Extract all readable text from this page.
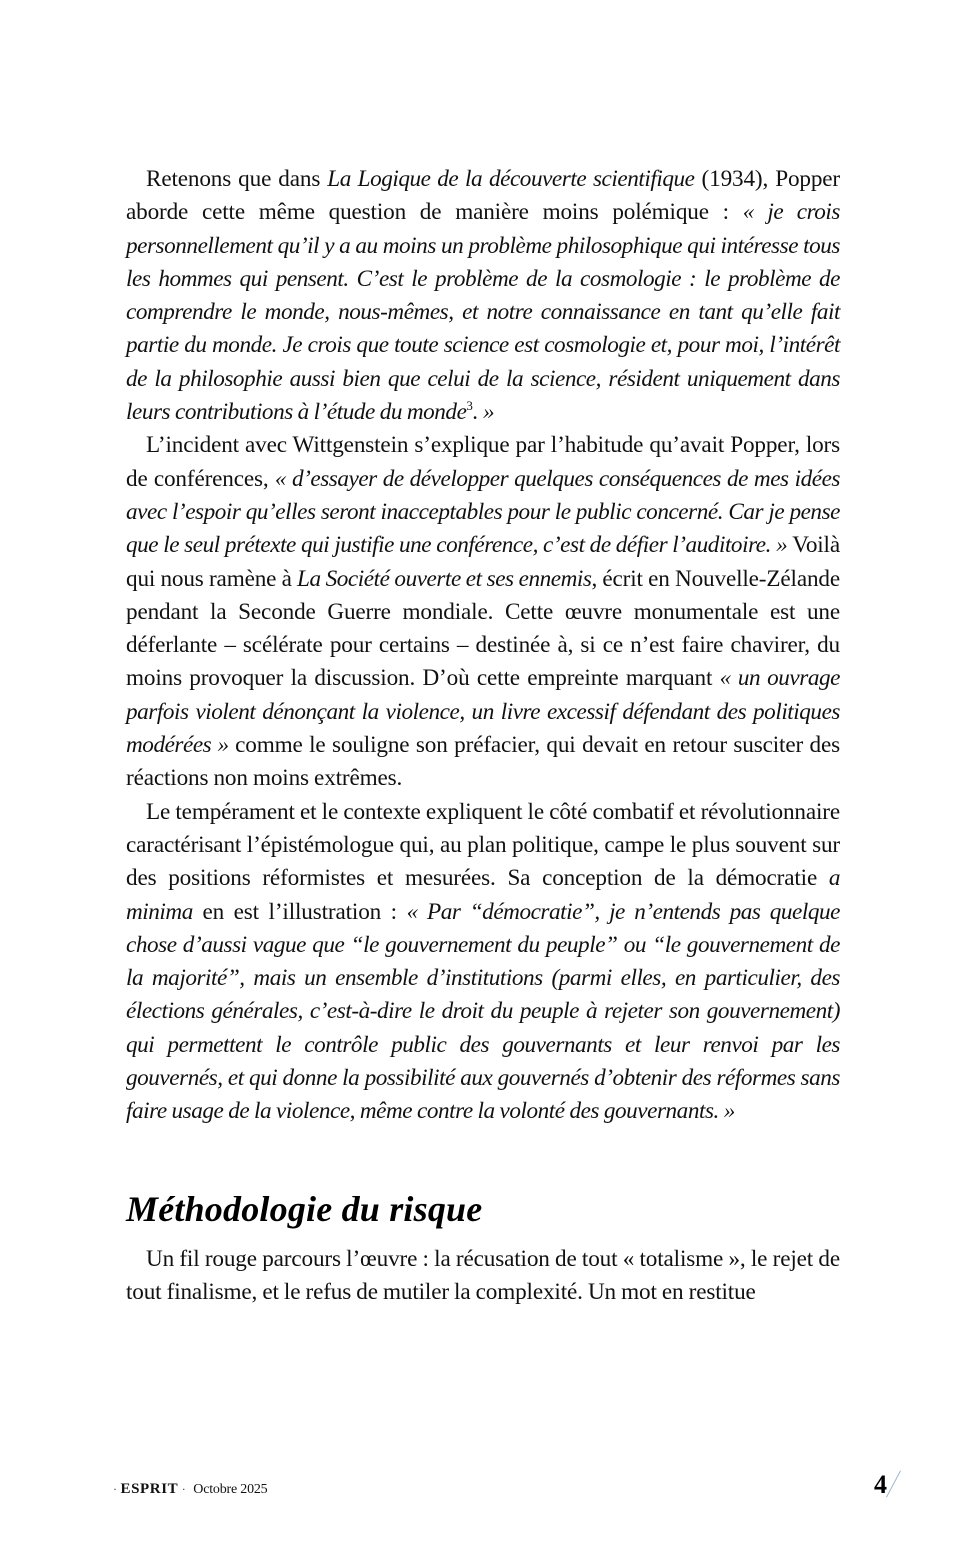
Retenons que dans La Logique de la découverte scientifique (1934), Popper aborde cette même question de manière moins polémique : « je crois personnellement qu’il y a au moins un problème philosophique qui intéresse tous les hommes qui pensent. C’est le problème de la cosmologie : le problème de comprendre le monde, nous-mêmes, et notre connaissance en tant qu’elle fait partie du monde. Je crois que toute science est cosmologie et, pour moi, l’intérêt de la philosophie aussi bien que celui de la science, résident uniquement dans leurs contributions à l’étude du monde$^3$. »

L’incident avec Wittgenstein s’explique par l’habitude qu’avait Popper, lors de conférences, « d’essayer de développer quelques conséquences de mes idées avec l’espoir qu’elles seront inacceptables pour le public concerné. Car je pense que le seul prétexte qui justifie une conférence, c’est de défier l’auditoire. » Voilà qui nous ramène à La Société ouverte et ses ennemis, écrit en Nouvelle-Zélande pendant la Seconde Guerre mondiale. Cette œuvre monumentale est une déferlante – scélérate pour certains – destinée à, si ce n’est faire chavirer, du moins provoquer la discussion. D’où cette empreinte marquant « un ouvrage parfois violent dénonçant la violence, un livre excessif défendant des politiques modérées » comme le souligne son préfacier, qui devait en retour susciter des réactions non moins extrêmes.

Le tempérament et le contexte expliquent le côté combatif et révolutionnaire caractérisant l’épistémologue qui, au plan politique, campe le plus souvent sur des positions réformistes et mesurées. Sa conception de la démocratie a minima en est l’illustration : « Par “démocratie”, je n’entends pas quelque chose d’aussi vague que “le gouvernement du peuple” ou “le gouvernement de la majorité”, mais un ensemble d’institutions (parmi elles, en particulier, des élections générales, c’est-à-dire le droit du peuple à rejeter son gouvernement) qui permettent le contrôle public des gouvernants et leur renvoi par les gouvernés, et qui donne la possibilité aux gouvernés d’obtenir des réformes sans faire usage de la violence, même contre la volonté des gouvernants. »

Méthodologie du risque

Un fil rouge parcours l’œuvre : la récusation de tout « totalisme », le rejet de tout finalisme, et le refus de mutiler la complexité. Un mot en restitue

· ESPRIT · Octobre 2025	4
